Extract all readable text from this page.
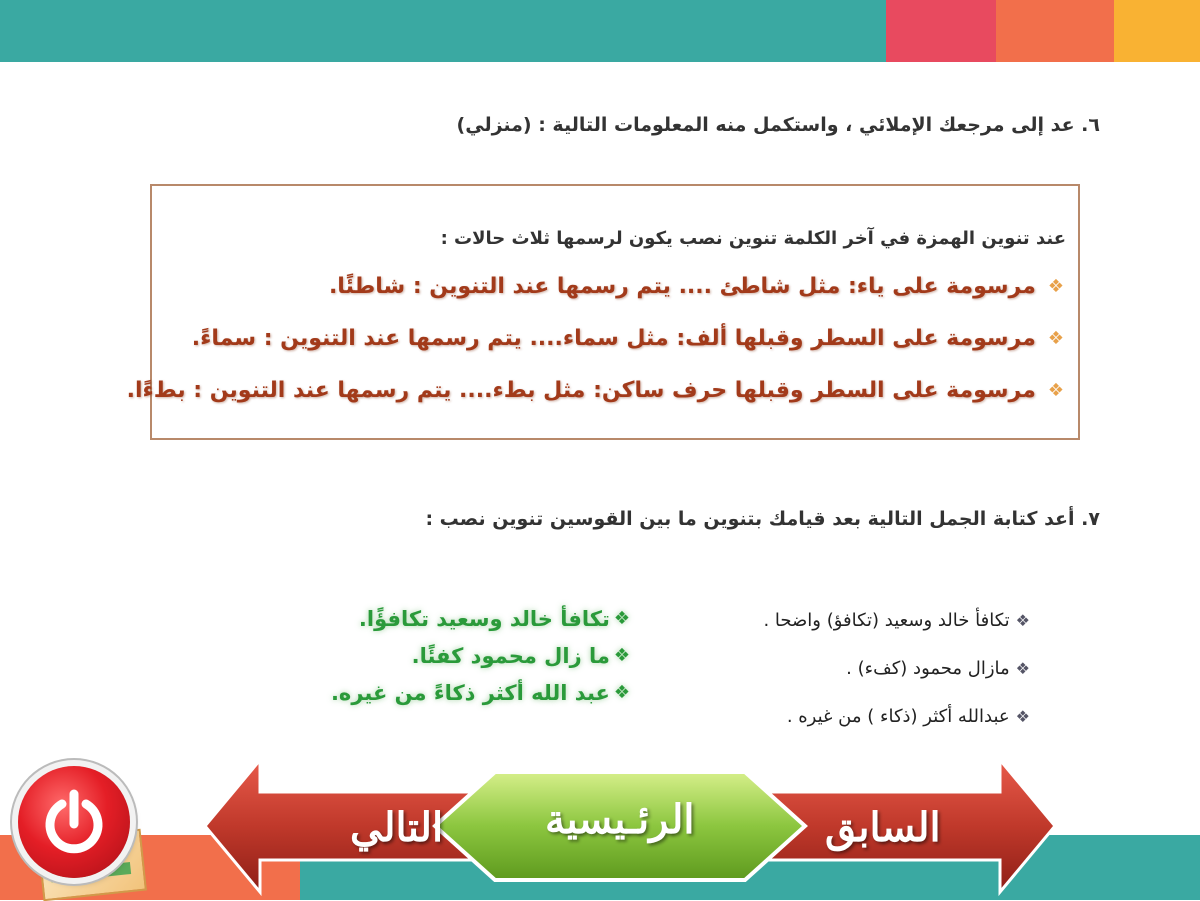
٦. عد إلى مرجعك الإملائي ، واستكمل منه المعلومات التالية : (منزلي)
عند تنوين الهمزة في آخر الكلمة تنوين نصب يكون لرسمها ثلاث حالات :
❖
مرسومة على ياء: مثل شاطئ .... يتم رسمها عند التنوين : شاطئًا.
❖
مرسومة على السطر وقبلها ألف: مثل سماء.... يتم رسمها عند التنوين : سماءً.
❖
مرسومة على السطر وقبلها حرف ساكن: مثل بطء.... يتم رسمها عند التنوين : بطءًا.
٧. أعد كتابة الجمل التالية بعد قيامك بتنوين ما بين القوسين تنوين نصب :
❖
تكافأ خالد وسعيد (تكافؤ) واضحا .
❖
مازال محمود (كفء) .
❖
عبدالله أكثر (ذكاء ) من غيره .
❖
تكافأ خالد وسعيد تكافؤًا.
❖
ما زال محمود كفئًا.
❖
عبد الله أكثر ذكاءً من غيره.
التالي	الرئـيسية	السابق
